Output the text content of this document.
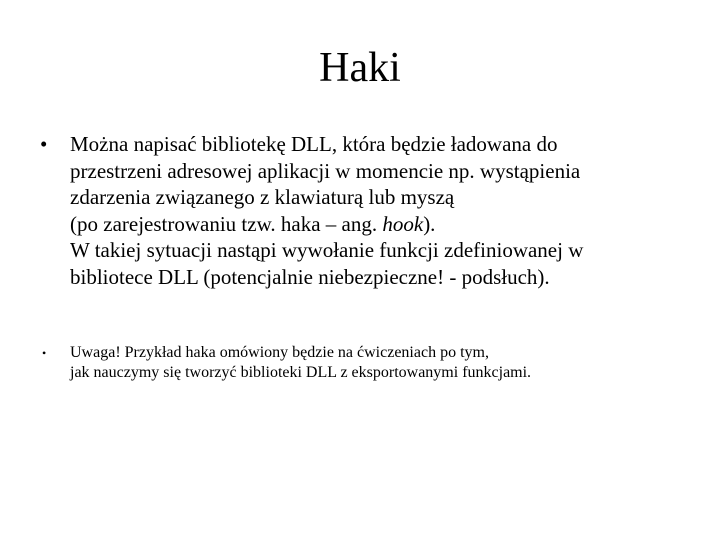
Haki
• Można napisać bibliotekę DLL, która będzie ładowana do
przestrzeni adresowej aplikacji w momencie np. wystąpienia
zdarzenia związanego z klawiaturą lub myszą
(po zarejestrowaniu tzw. haka – ang. hook).
W takiej sytuacji nastąpi wywołanie funkcji zdefiniowanej w
bibliotece DLL (potencjalnie niebezpieczne! - podsłuch).
• Uwaga! Przykład haka omówiony będzie na ćwiczeniach po tym,
jak nauczymy się tworzyć biblioteki DLL z eksportowanymi funkcjami.
